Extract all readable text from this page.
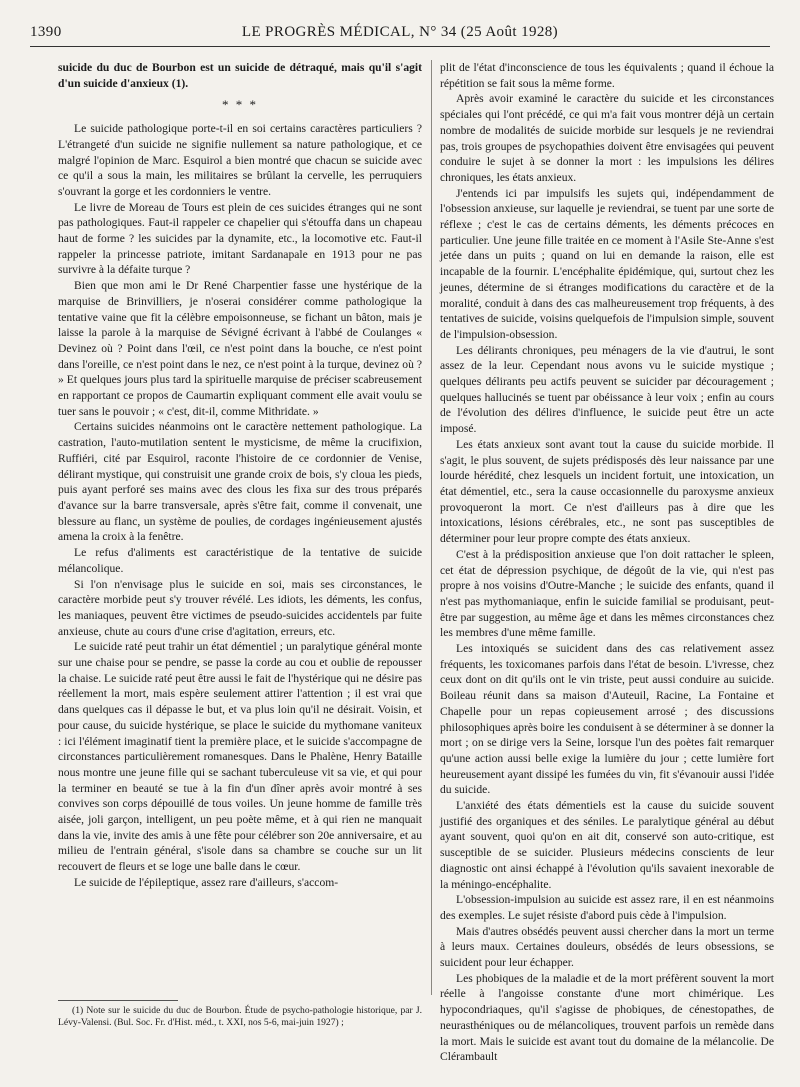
1390	LE PROGRÈS MÉDICAL, N° 34 (25 Août 1928)

suicide du duc de Bourbon est un suicide de détraqué, mais qu'il s'agit d'un suicide d'anxieux (1).

* * *

Le suicide pathologique porte-t-il en soi certains caractères particuliers ? L'étrangeté d'un suicide ne signifie nullement sa nature pathologique, et ce malgré l'opinion de Marc. Esquirol a bien montré que chacun se suicide avec ce qu'il a sous la main, les militaires se brûlant la cervelle, les perruquiers s'ouvrant la gorge et les cordonniers le ventre.

Le livre de Moreau de Tours est plein de ces suicides étranges qui ne sont pas pathologiques. Faut-il rappeler ce chapelier qui s'étouffa dans un chapeau haut de forme ? les suicides par la dynamite, etc., la locomotive etc. Faut-il rappeler la princesse patriote, imitant Sardanapale en 1913 pour ne pas survivre à la défaite turque ?

Bien que mon ami le Dr René Charpentier fasse une hystérique de la marquise de Brinvilliers, je n'oserai considérer comme pathologique la tentative vaine que fit la célèbre empoisonneuse, se fichant un bâton, mais je laisse la parole à la marquise de Sévigné écrivant à l'abbé de Coulanges « Devinez où ? Point dans l'œil, ce n'est point dans la bouche, ce n'est point dans l'oreille, ce n'est point dans le nez, ce n'est point à la turque, devinez où ? » Et quelques jours plus tard la spirituelle marquise de préciser scabreusement en rapportant ce propos de Caumartin expliquant comment elle avait voulu se tuer sans le pouvoir ; « c'est, dit-il, comme Mithridate. »

Certains suicides néanmoins ont le caractère nettement pathologique. La castration, l'auto-mutilation sentent le mysticisme, de même la crucifixion, Ruffiéri, cité par Esquirol, raconte l'histoire de ce cordonnier de Venise, délirant mystique, qui construisit une grande croix de bois, s'y cloua les pieds, puis ayant perforé ses mains avec des clous les fixa sur des trous préparés d'avance sur la barre transversale, après s'être fait, comme il convenait, une blessure au flanc, un système de poulies, de cordages ingénieusement ajustés amena la croix à la fenêtre.

Le refus d'aliments est caractéristique de la tentative de suicide mélancolique.

Si l'on n'envisage plus le suicide en soi, mais ses circonstances, le caractère morbide peut s'y trouver révélé. Les idiots, les déments, les confus, les maniaques, peuvent être victimes de pseudo-suicides accidentels par fuite anxieuse, chute au cours d'une crise d'agitation, erreurs, etc.

Le suicide raté peut trahir un état démentiel ; un paralytique général monte sur une chaise pour se pendre, se passe la corde au cou et oublie de repousser la chaise. Le suicide raté peut être aussi le fait de l'hystérique qui ne désire pas réellement la mort, mais espère seulement attirer l'attention ; il est vrai que dans quelques cas il dépasse le but, et va plus loin qu'il ne désirait. Voisin, et pour cause, du suicide hystérique, se place le suicide du mythomane vaniteux : ici l'élément imaginatif tient la première place, et le suicide s'accompagne de circonstances particulièrement romanesques. Dans le Phalène, Henry Bataille nous montre une jeune fille qui se sachant tuberculeuse vit sa vie, et qui pour la terminer en beauté se tue à la fin d'un dîner après avoir montré à ses convives son corps dépouillé de tous voiles. Un jeune homme de famille très aisée, joli garçon, intelligent, un peu poète même, et à qui rien ne manquait dans la vie, invite des amis à une fête pour célébrer son 20e anniversaire, et au milieu de l'entrain général, s'isole dans sa chambre se couche sur un lit recouvert de fleurs et se loge une balle dans le cœur.

Le suicide de l'épileptique, assez rare d'ailleurs, s'accom-

plit de l'état d'inconscience de tous les équivalents ; quand il échoue la répétition se fait sous la même forme.

Après avoir examiné le caractère du suicide et les circonstances spéciales qui l'ont précédé, ce qui m'a fait vous montrer déjà un certain nombre de modalités de suicide morbide sur lesquels je ne reviendrai pas, trois groupes de psychopathies doivent être envisagées qui peuvent conduire le sujet à se donner la mort : les impulsions les délires chroniques, les états anxieux.

J'entends ici par impulsifs les sujets qui, indépendamment de l'obsession anxieuse, sur laquelle je reviendrai, se tuent par une sorte de réflexe ; c'est le cas de certains déments, les déments précoces en particulier. Une jeune fille traitée en ce moment à l'Asile Ste-Anne s'est jetée dans un puits ; quand on lui en demande la raison, elle est incapable de la fournir. L'encéphalite épidémique, qui, surtout chez les jeunes, détermine de si étranges modifications du caractère et de la moralité, conduit à dans des cas malheureusement trop fréquents, à des tentatives de suicide, voisins quelquefois de l'impulsion simple, souvent de l'impulsion-obsession.

Les délirants chroniques, peu ménagers de la vie d'autrui, le sont assez de la leur. Cependant nous avons vu le suicide mystique ; quelques délirants peu actifs peuvent se suicider par découragement ; quelques hallucinés se tuent par obéissance à leur voix ; enfin au cours de l'évolution des délires d'influence, le suicide peut être un acte imposé.

Les états anxieux sont avant tout la cause du suicide morbide. Il s'agit, le plus souvent, de sujets prédisposés dès leur naissance par une lourde hérédité, chez lesquels un incident fortuit, une intoxication, un état démentiel, etc., sera la cause occasionnelle du paroxysme anxieux provoqueront la mort. Ce n'est d'ailleurs pas à dire que les intoxications, lésions cérébrales, etc., ne sont pas susceptibles de déterminer pour leur propre compte des états anxieux.

C'est à la prédisposition anxieuse que l'on doit rattacher le spleen, cet état de dépression psychique, de dégoût de la vie, qui n'est pas propre à nos voisins d'Outre-Manche ; le suicide des enfants, quand il n'est pas mythomaniaque, enfin le suicide familial se produisant, peut-être par suggestion, au même âge et dans les mêmes circonstances chez les membres d'une même famille.

Les intoxiqués se suicident dans des cas relativement assez fréquents, les toxicomanes parfois dans l'état de besoin. L'ivresse, chez ceux dont on dit qu'ils ont le vin triste, peut aussi conduire au suicide. Boileau réunit dans sa maison d'Auteuil, Racine, La Fontaine et Chapelle pour un repas copieusement arrosé ; des discussions philosophiques après boire les conduisent à se déterminer à se donner la mort ; on se dirige vers la Seine, lorsque l'un des poètes fait remarquer qu'une action aussi belle exige la lumière du jour ; cette lumière fort heureusement ayant dissipé les fumées du vin, fit s'évanouir aussi l'idée du suicide.

L'anxiété des états démentiels est la cause du suicide souvent justifié des organiques et des séniles. Le paralytique général au début ayant souvent, quoi qu'on en ait dit, conservé son auto-critique, est susceptible de se suicider. Plusieurs médecins conscients de leur diagnostic ont ainsi échappé à l'évolution qu'ils savaient inexorable de la méningo-encéphalite.

L'obsession-impulsion au suicide est assez rare, il en est néanmoins des exemples. Le sujet résiste d'abord puis cède à l'impulsion.

Mais d'autres obsédés peuvent aussi chercher dans la mort un terme à leurs maux. Certaines douleurs, obsédés de leurs obsessions, se suicident pour leur échapper.

Les phobiques de la maladie et de la mort préfèrent souvent la mort réelle à l'angoisse constante d'une mort chimérique. Les hypocondriaques, qu'il s'agisse de phobiques, de cénestopathes, de neurasthéniques ou de mélancoliques, trouvent parfois un remède dans la mort. Mais le suicide est avant tout du domaine de la mélancolie. De Clérambault

(1) Note sur le suicide du duc de Bourbon. Étude de psycho-pathologie historique, par J. Lévy-Valensi. (Bul. Soc. Fr. d'Hist. méd., t. XXI, nos 5-6, mai-juin 1927) ;
